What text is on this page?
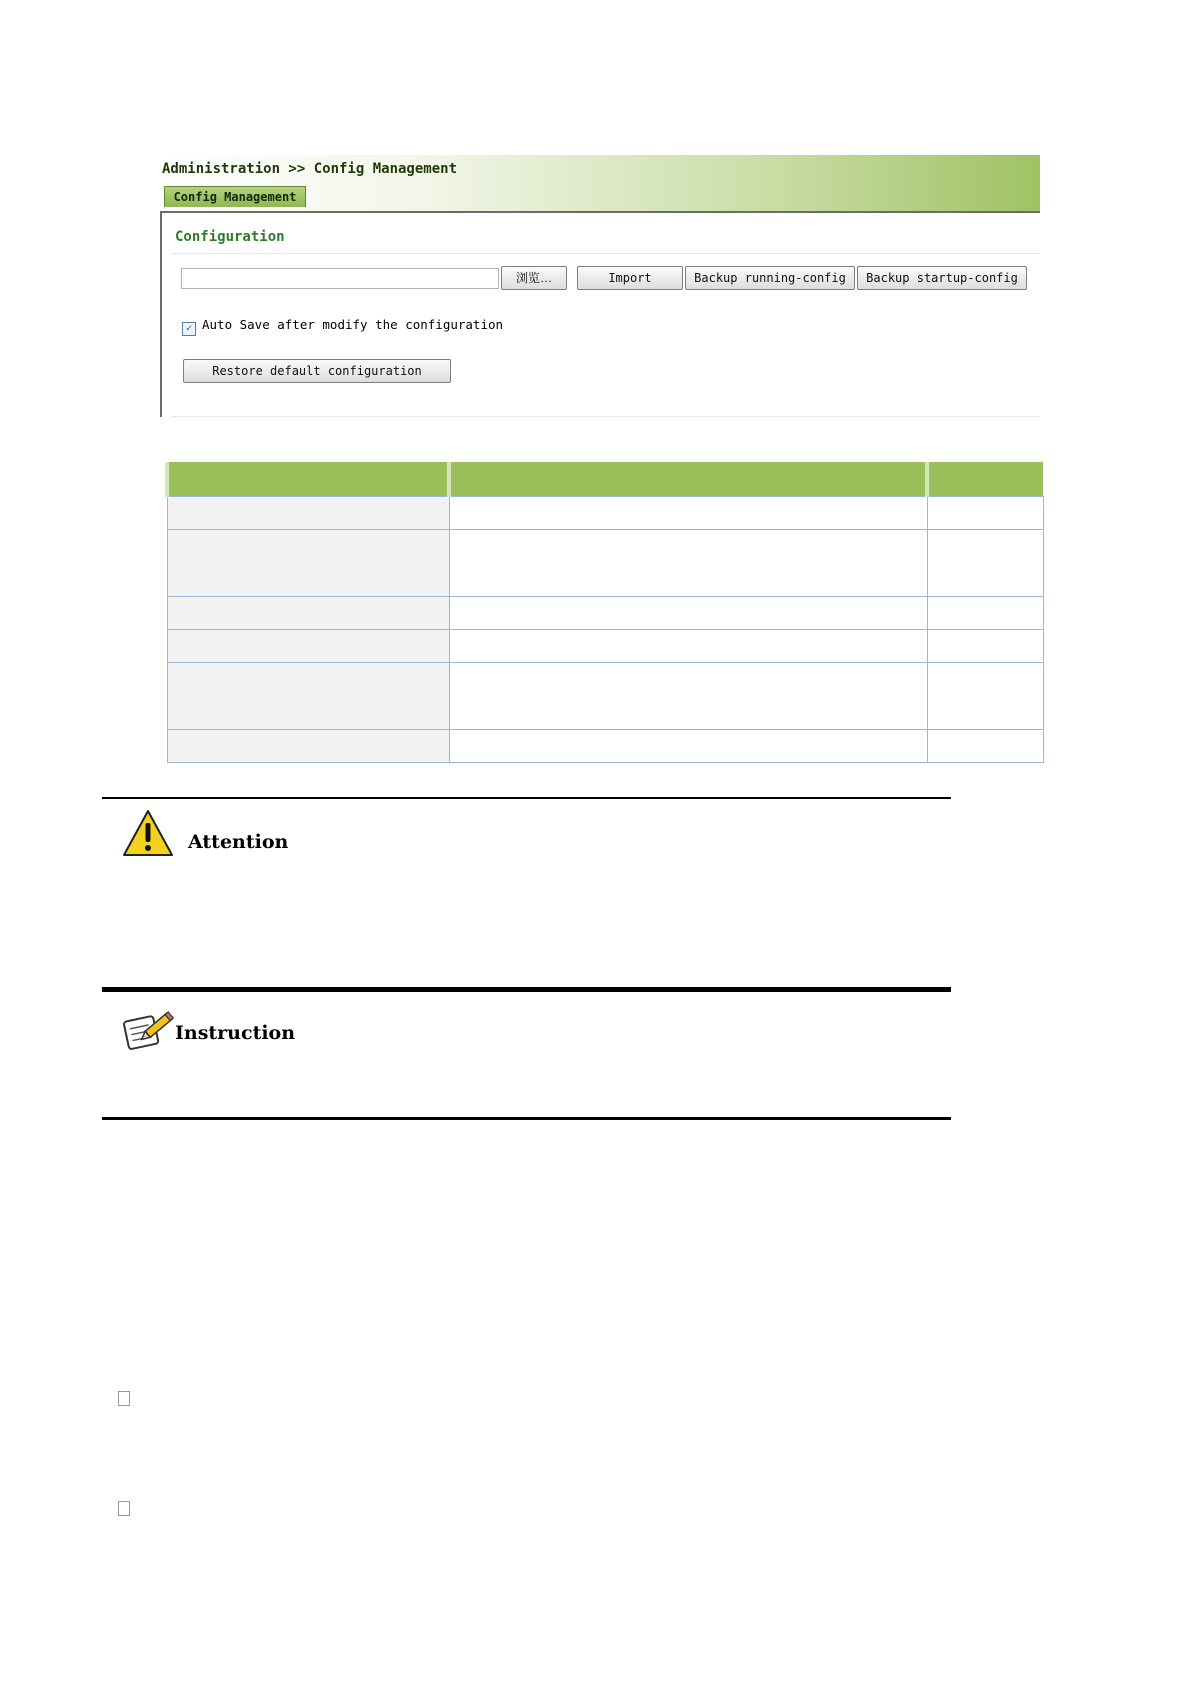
Administration >> Config Management
Config Management
Configuration
浏览…	Import	Backup running-config	Backup startup-config
✓ Auto Save after modify the configuration
Restore default configuration

Attention
Instruction
